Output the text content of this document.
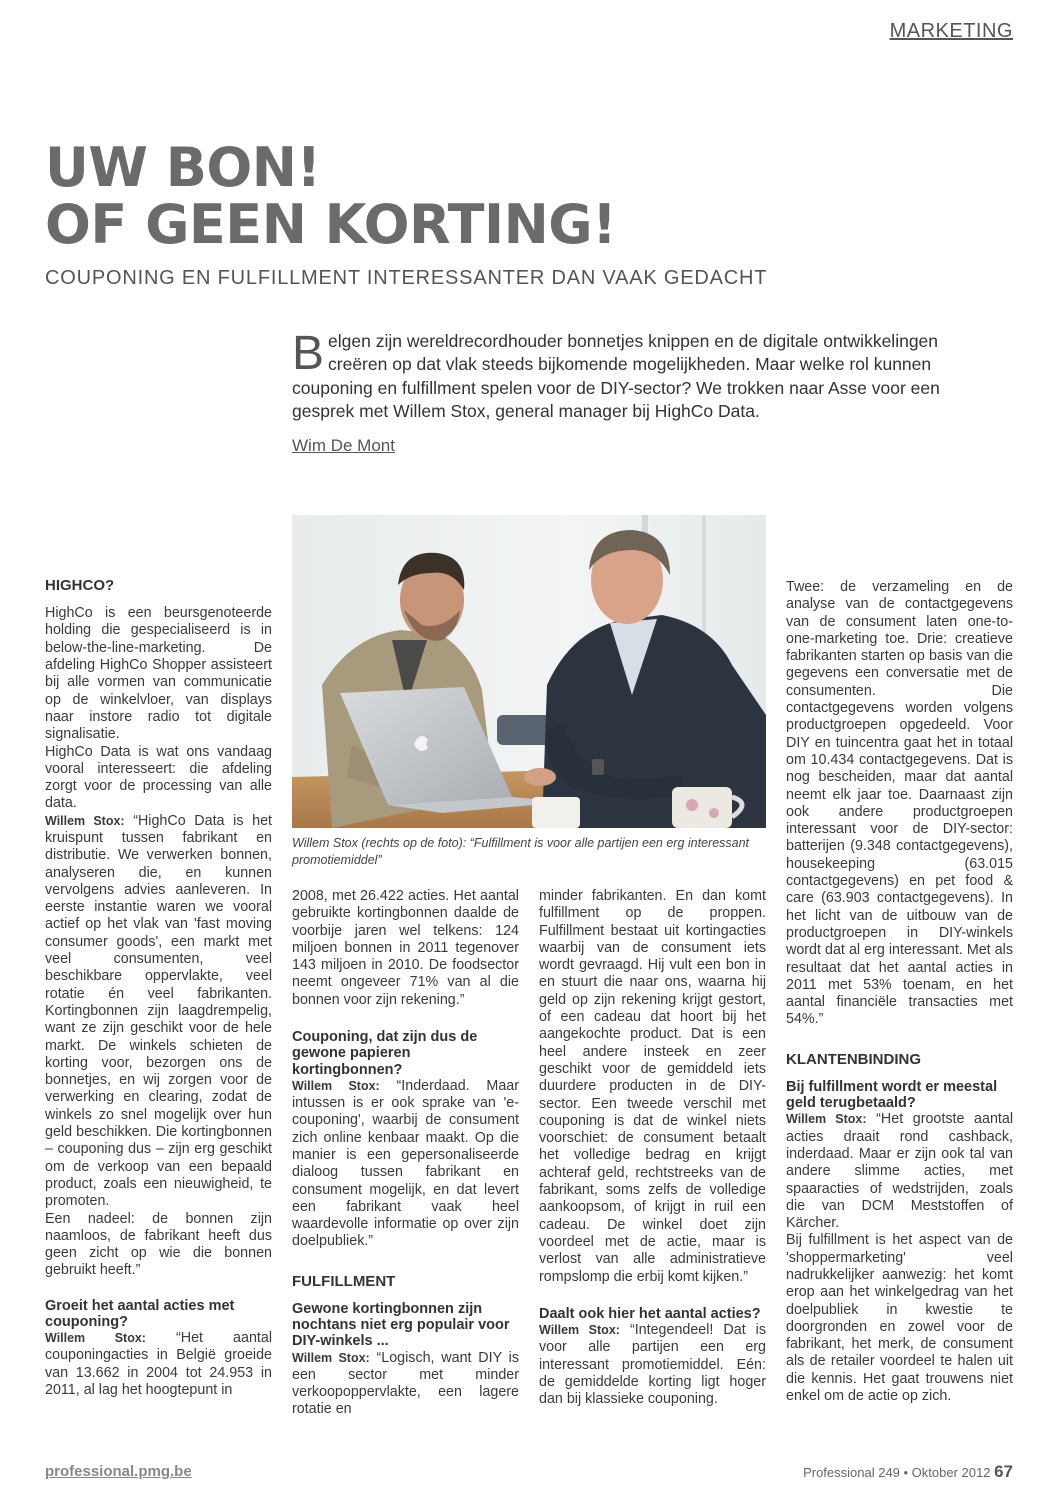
MARKETING
UW BON!
OF GEEN KORTING!
COUPONING EN FULFILLMENT INTERESSANTER DAN VAAK GEDACHT

Belgen zijn wereldrecordhouder bonnetjes knippen en de digitale ontwikkelingen creëren op dat vlak steeds bijkomende mogelijkheden. Maar welke rol kunnen couponing en fulfillment spelen voor de DIY-sector? We trokken naar Asse voor een gesprek met Willem Stox, general manager bij HighCo Data.

Wim De Mont
Willem Stox (rechts op de foto): “Fulfillment is voor alle partijen een erg interessant promotiemiddel”
HIGHCO?

HighCo is een beursgenoteerde holding die gespecialiseerd is in below-the-line-marketing. De afdeling HighCo Shopper assisteert bij alle vormen van communicatie op de winkelvloer, van displays naar instore radio tot digitale signalisatie.

HighCo Data is wat ons vandaag vooral interesseert: die afdeling zorgt voor de processing van alle data.

Willem Stox: “HighCo Data is het kruispunt tussen fabrikant en distributie. We verwerken bonnen, analyseren die, en kunnen vervolgens advies aanleveren. In eerste instantie waren we vooral actief op het vlak van 'fast moving consumer goods', een markt met veel consumenten, veel beschikbare oppervlakte, veel rotatie én veel fabrikanten. Kortingbonnen zijn laagdrempelig, want ze zijn geschikt voor de hele markt. De winkels schieten de korting voor, bezorgen ons de bonnetjes, en wij zorgen voor de verwerking en clearing, zodat de winkels zo snel mogelijk over hun geld beschikken. Die kortingbonnen – couponing dus – zijn erg geschikt om de verkoop van een bepaald product, zoals een nieuwigheid, te promoten.

Een nadeel: de bonnen zijn naamloos, de fabrikant heeft dus geen zicht op wie die bonnen gebruikt heeft.”

Groeit het aantal acties met couponing?

Willem Stox: “Het aantal couponingacties in België groeide van 13.662 in 2004 tot 24.953 in 2011, al lag het hoogtepunt in

2008, met 26.422 acties. Het aantal gebruikte kortingbonnen daalde de voorbije jaren wel telkens: 124 miljoen bonnen in 2011 tegenover 143 miljoen in 2010. De foodsector neemt ongeveer 71% van al die bonnen voor zijn rekening.”

Couponing, dat zijn dus de gewone papieren kortingbonnen?

Willem Stox: “Inderdaad. Maar intussen is er ook sprake van 'e-couponing', waarbij de consument zich online kenbaar maakt. Op die manier is een gepersonaliseerde dialoog tussen fabrikant en consument mogelijk, en dat levert een fabrikant vaak heel waardevolle informatie op over zijn doelpubliek.”

FULFILLMENT
Gewone kortingbonnen zijn nochtans niet erg populair voor DIY-winkels ...

Willem Stox: “Logisch, want DIY is een sector met minder verkoopoppervlakte, een lagere rotatie en

minder fabrikanten. En dan komt fulfillment op de proppen. Fulfillment bestaat uit kortingacties waarbij van de consument iets wordt gevraagd. Hij vult een bon in en stuurt die naar ons, waarna hij geld op zijn rekening krijgt gestort, of een cadeau dat hoort bij het aangekochte product. Dat is een heel andere insteek en zeer geschikt voor de gemiddeld iets duurdere producten in de DIY-sector. Een tweede verschil met couponing is dat de winkel niets voorschiet: de consument betaalt het volledige bedrag en krijgt achteraf geld, rechtstreeks van de fabrikant, soms zelfs de volledige aankoopsom, of krijgt in ruil een cadeau. De winkel doet zijn voordeel met de actie, maar is verlost van alle administratieve rompslomp die erbij komt kijken.”

Daalt ook hier het aantal acties?

Willem Stox: “Integendeel! Dat is voor alle partijen een erg interessant promotiemiddel. Eén: de gemiddelde korting ligt hoger dan bij klassieke couponing.

Twee: de verzameling en de analyse van de contactgegevens van de consument laten one-to-one-marketing toe. Drie: creatieve fabrikanten starten op basis van die gegevens een conversatie met de consumenten. Die contactgegevens worden volgens productgroepen opgedeeld. Voor DIY en tuincentra gaat het in totaal om 10.434 contactgegevens. Dat is nog bescheiden, maar dat aantal neemt elk jaar toe. Daarnaast zijn ook andere productgroepen interessant voor de DIY-sector: batterijen (9.348 contactgegevens), housekeeping (63.015 contactgegevens) en pet food & care (63.903 contactgegevens). In het licht van de uitbouw van de productgroepen in DIY-winkels wordt dat al erg interessant. Met als resultaat dat het aantal acties in 2011 met 53% toenam, en het aantal financiële transacties met 54%.”

KLANTENBINDING
Bij fulfillment wordt er meestal geld terugbetaald?

Willem Stox: “Het grootste aantal acties draait rond cashback, inderdaad. Maar er zijn ook tal van andere slimme acties, met spaaracties of wedstrijden, zoals die van DCM Meststoffen of Kärcher.

Bij fulfillment is het aspect van de 'shoppermarketing' veel nadrukkelijker aanwezig: het komt erop aan het winkelgedrag van het doelpubliek in kwestie te doorgronden en zowel voor de fabrikant, het merk, de consument als de retailer voordeel te halen uit die kennis. Het gaat trouwens niet enkel om de actie op zich.

professional.pmg.be	Professional 249 • Oktober 2012 67
